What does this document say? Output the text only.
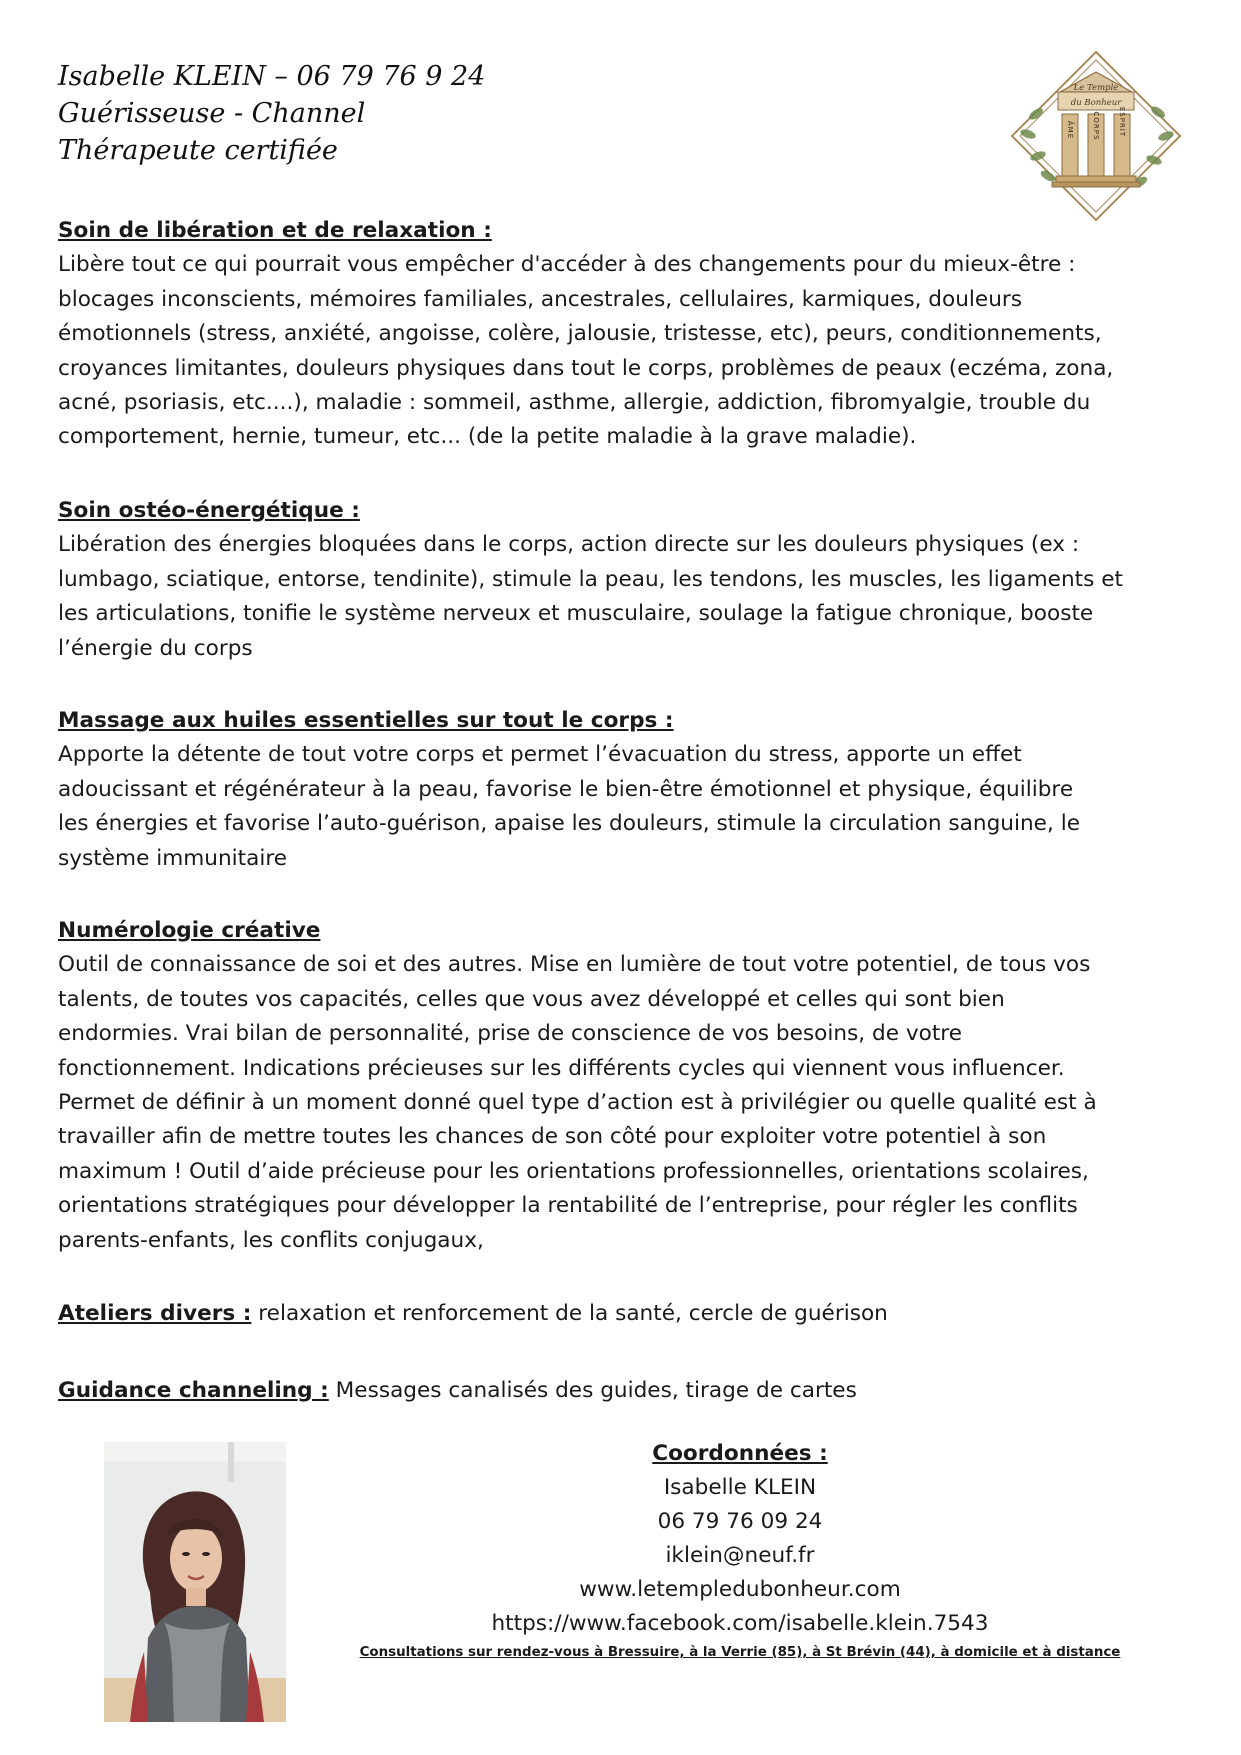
Isabelle KLEIN – 06 79 76 9 24
Guérisseuse - Channel
Thérapeute certifiée
Le Temple
du Bonheur
ÂME	CORPS	ESPRIT

Soin de libération et de relaxation :

Libère tout ce qui pourrait vous empêcher d'accéder à des changements pour du mieux-être :

blocages inconscients, mémoires familiales, ancestrales, cellulaires, karmiques, douleurs

émotionnels (stress, anxiété, angoisse, colère, jalousie, tristesse, etc), peurs, conditionnements,

croyances limitantes, douleurs physiques dans tout le corps, problèmes de peaux (eczéma, zona,

acné, psoriasis, etc....), maladie : sommeil, asthme, allergie, addiction, fibromyalgie, trouble du

comportement, hernie, tumeur, etc... (de la petite maladie à la grave maladie).

Soin ostéo-énergétique :

Libération des énergies bloquées dans le corps, action directe sur les douleurs physiques (ex :

lumbago, sciatique, entorse, tendinite), stimule la peau, les tendons, les muscles, les ligaments et

les articulations, tonifie le système nerveux et musculaire, soulage la fatigue chronique, booste

l’énergie du corps

Massage aux huiles essentielles sur tout le corps :

Apporte la détente de tout votre corps et permet l’évacuation du stress, apporte un effet

adoucissant et régénérateur à la peau, favorise le bien-être émotionnel et physique, équilibre

les énergies et favorise l’auto-guérison, apaise les douleurs, stimule la circulation sanguine, le

système immunitaire

Numérologie créative

Outil de connaissance de soi et des autres. Mise en lumière de tout votre potentiel, de tous vos

talents, de toutes vos capacités, celles que vous avez développé et celles qui sont bien

endormies. Vrai bilan de personnalité, prise de conscience de vos besoins, de votre

fonctionnement. Indications précieuses sur les différents cycles qui viennent vous influencer.

Permet de définir à un moment donné quel type d’action est à privilégier ou quelle qualité est à

travailler afin de mettre toutes les chances de son côté pour exploiter votre potentiel à son

maximum ! Outil d’aide précieuse pour les orientations professionnelles, orientations scolaires,

orientations stratégiques pour développer la rentabilité de l’entreprise, pour régler les conflits

parents-enfants, les conflits conjugaux,

Ateliers divers : relaxation et renforcement de la santé, cercle de guérison

Guidance channeling : Messages canalisés des guides, tirage de cartes

Coordonnées :
Isabelle KLEIN
06 79 76 09 24
iklein@neuf.fr
www.letempledubonheur.com
https://www.facebook.com/isabelle.klein.7543
Consultations sur rendez-vous à Bressuire, à la Verrie (85), à St Brévin (44), à domicile et à distance
